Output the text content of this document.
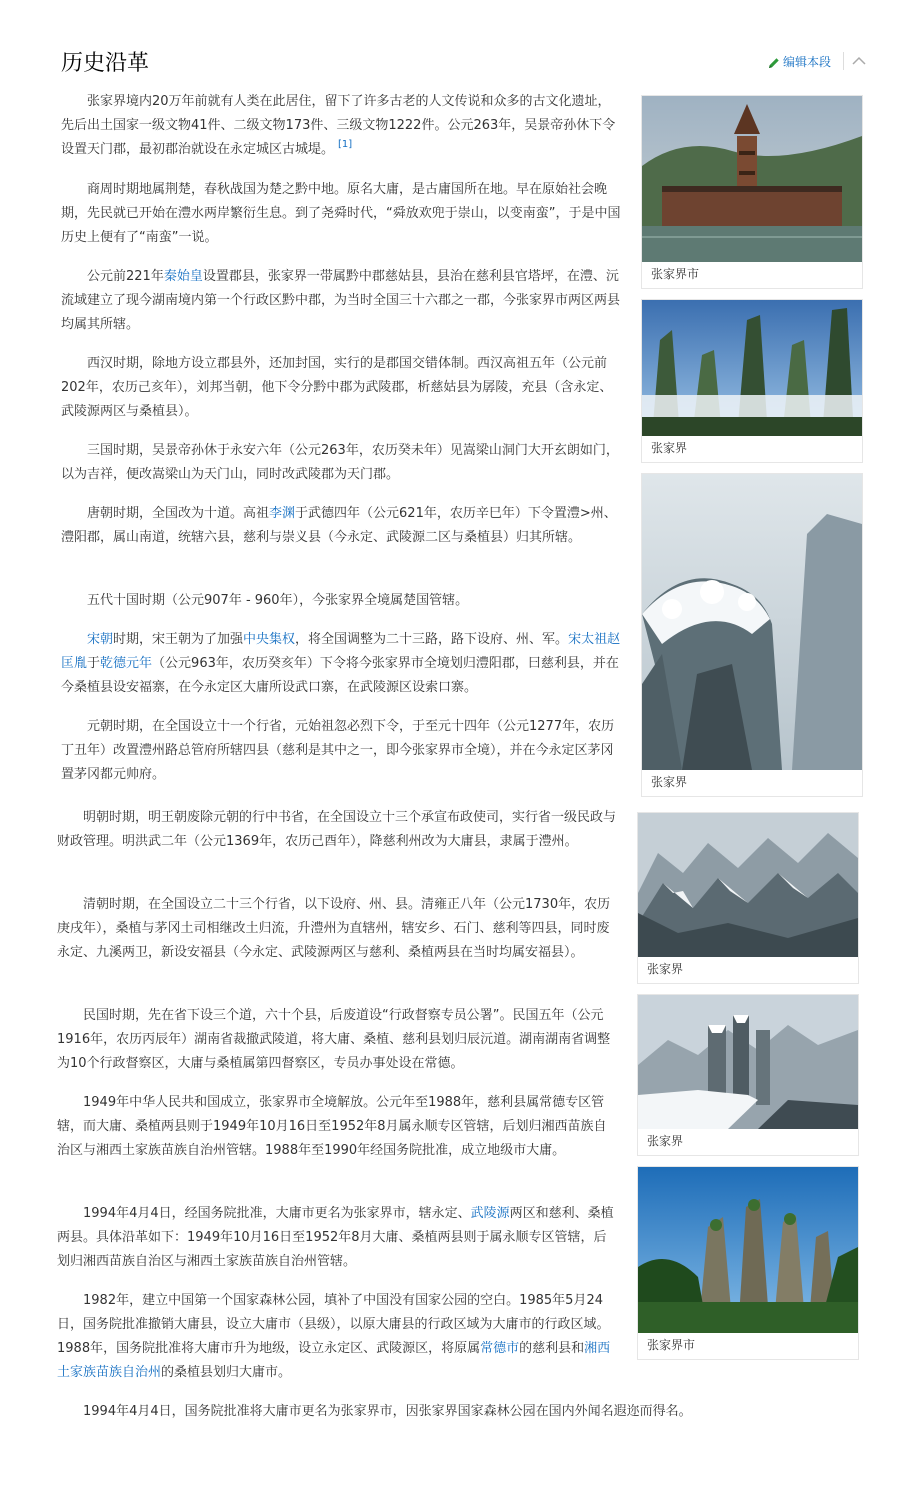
历史沿革	编辑本段

张家界境内20万年前就有人类在此居住，留下了许多古老的人文传说和众多的古文化遗址，先后出土国家一级文物41件、二级文物173件、三级文物1222件。公元263年，吴景帝孙休下令设置天门郡，最初郡治就设在永定城区古城堤。 [1]

商周时期地属荆楚，春秋战国为楚之黔中地。原名大庸，是古庸国所在地。早在原始社会晚期，先民就已开始在澧水两岸繁衍生息。到了尧舜时代，“舜放欢兜于崇山，以变南蛮”，于是中国历史上便有了“南蛮”一说。

公元前221年秦始皇设置郡县，张家界一带属黔中郡慈姑县，县治在慈利县官塔坪，在澧、沅流域建立了现今湖南境内第一个行政区黔中郡，为当时全国三十六郡之一郡，今张家界市两区两县均属其所辖。

西汉时期，除地方设立郡县外，还加封国，实行的是郡国交错体制。西汉高祖五年（公元前202年，农历己亥年），刘邦当朝，他下令分黔中郡为武陵郡，析慈姑县为孱陵，充县（含永定、武陵源两区与桑植县）。

三国时期，吴景帝孙休于永安六年（公元263年，农历癸未年）见嵩梁山洞门大开玄朗如门，以为吉祥，便改嵩梁山为天门山，同时改武陵郡为天门郡。

唐朝时期，全国改为十道。高祖李渊于武德四年（公元621年，农历辛巳年）下令置澧>州、澧阳郡，属山南道，统辖六县，慈利与崇义县（今永定、武陵源二区与桑植县）归其所辖。

五代十国时期（公元907年 - 960年），今张家界全境属楚国管辖。

宋朝时期，宋王朝为了加强中央集权，将全国调整为二十三路，路下设府、州、军。宋太祖赵匡胤于乾德元年（公元963年，农历癸亥年）下令将今张家界市全境划归澧阳郡，曰慈利县，并在今桑植县设安福寨，在今永定区大庸所设武口寨，在武陵源区设索口寨。

元朝时期，在全国设立十一个行省，元始祖忽必烈下令，于至元十四年（公元1277年，农历丁丑年）改置澧州路总管府所辖四县（慈利是其中之一，即今张家界市全境），并在今永定区茅冈置茅冈都元帅府。

明朝时期，明王朝废除元朝的行中书省，在全国设立十三个承宣布政使司，实行省一级民政与财政管理。明洪武二年（公元1369年，农历己酉年），降慈利州改为大庸县，隶属于澧州。

清朝时期，在全国设立二十三个行省，以下设府、州、县。清雍正八年（公元1730年，农历庚戌年），桑植与茅冈土司相继改土归流，升澧州为直辖州，辖安乡、石门、慈利等四县，同时废永定、九溪两卫，新设安福县（今永定、武陵源两区与慈利、桑植两县在当时均属安福县）。

民国时期，先在省下设三个道，六十个县，后废道设“行政督察专员公署”。民国五年（公元1916年，农历丙辰年）湖南省裁撤武陵道，将大庸、桑植、慈利县划归辰沅道。湖南湖南省调整为10个行政督察区，大庸与桑植属第四督察区，专员办事处设在常德。

1949年中华人民共和国成立，张家界市全境解放。公元年至1988年，慈利县属常德专区管辖，而大庸、桑植两县则于1949年10月16日至1952年8月属永顺专区管辖，后划归湘西苗族自治区与湘西土家族苗族自治州管辖。1988年至1990年经国务院批准，成立地级市大庸。

1994年4月4日，经国务院批准，大庸市更名为张家界市，辖永定、武陵源两区和慈利、桑植两县。具体沿革如下：1949年10月16日至1952年8月大庸、桑植两县则于属永顺专区管辖，后划归湘西苗族自治区与湘西土家族苗族自治州管辖。

1982年，建立中国第一个国家森林公园，填补了中国没有国家公园的空白。1985年5月24日，国务院批准撤销大庸县，设立大庸市（县级），以原大庸县的行政区域为大庸市的行政区域。1988年，国务院批准将大庸市升为地级，设立永定区、武陵源区，将原属常德市的慈利县和湘西土家族苗族自治州的桑植县划归大庸市。

1994年4月4日，国务院批准将大庸市更名为张家界市，因张家界国家森林公园在国内外闻名遐迩而得名。

张家界市
张家界
张家界
张家界
张家界
张家界市
